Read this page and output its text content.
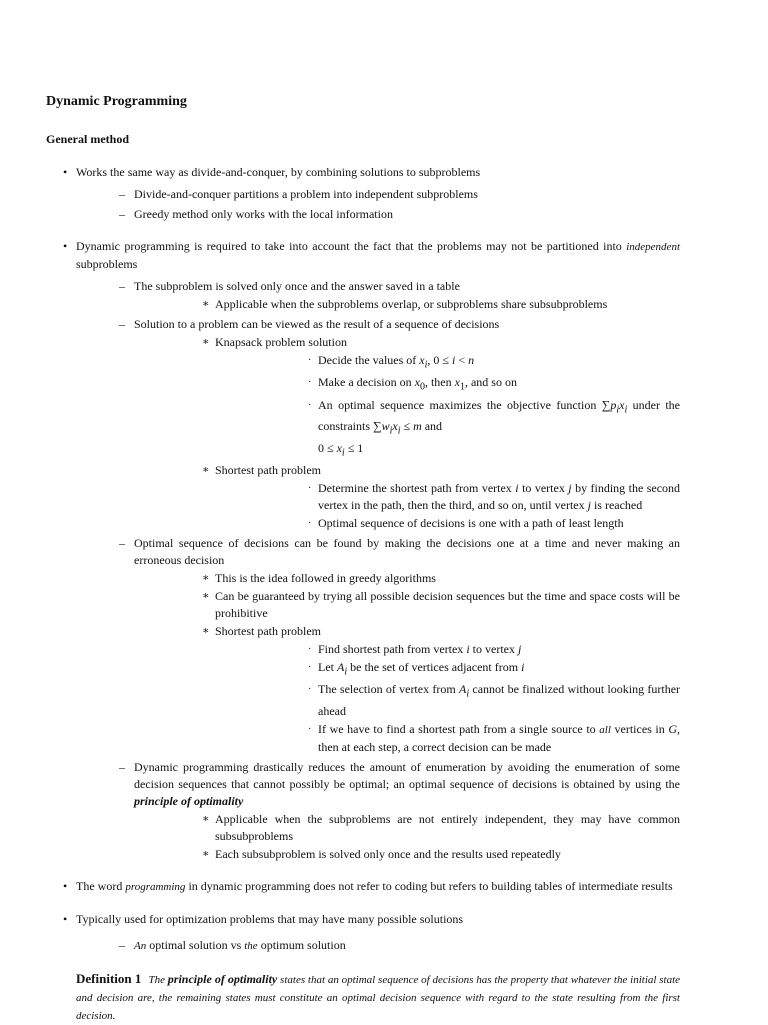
Dynamic Programming
General method
• Works the same way as divide-and-conquer, by combining solutions to subproblems
– Divide-and-conquer partitions a problem into independent subproblems
– Greedy method only works with the local information
• Dynamic programming is required to take into account the fact that the problems may not be partitioned into independent subproblems
– The subproblem is solved only once and the answer saved in a table
∗ Applicable when the subproblems overlap, or subproblems share subsubproblems
– Solution to a problem can be viewed as the result of a sequence of decisions
∗ Knapsack problem solution
· Decide the values of $x_i$, 0 ≤ i < n
· Make a decision on $x_0$, then $x_1$, and so on
· An optimal sequence maximizes the objective function $\sum p_ix_i$ under the constraints $\sum w_ix_i \le m$ and
$0 \le x_i \le 1$
∗ Shortest path problem
· Determine the shortest path from vertex i to vertex j by finding the second vertex in the path, then the third, and so on, until vertex j is reached
· Optimal sequence of decisions is one with a path of least length
– Optimal sequence of decisions can be found by making the decisions one at a time and never making an erroneous decision
∗ This is the idea followed in greedy algorithms
∗ Can be guaranteed by trying all possible decision sequences but the time and space costs will be prohibitive
∗ Shortest path problem
· Find shortest path from vertex i to vertex j
· Let $A_i$ be the set of vertices adjacent from i
· The selection of vertex from $A_i$ cannot be finalized without looking further ahead
· If we have to find a shortest path from a single source to all vertices in G, then at each step, a correct decision can be made
– Dynamic programming drastically reduces the amount of enumeration by avoiding the enumeration of some decision sequences that cannot possibly be optimal; an optimal sequence of decisions is obtained by using the principle of optimality
∗ Applicable when the subproblems are not entirely independent, they may have common subsubproblems
∗ Each subsubproblem is solved only once and the results used repeatedly
• The word programming in dynamic programming does not refer to coding but refers to building tables of intermediate results
• Typically used for optimization problems that may have many possible solutions
– An optimal solution vs the optimum solution
Definition 1 The principle of optimality states that an optimal sequence of decisions has the property that whatever the initial state and decision are, the remaining states must constitute an optimal decision sequence with regard to the state resulting from the first decision.
